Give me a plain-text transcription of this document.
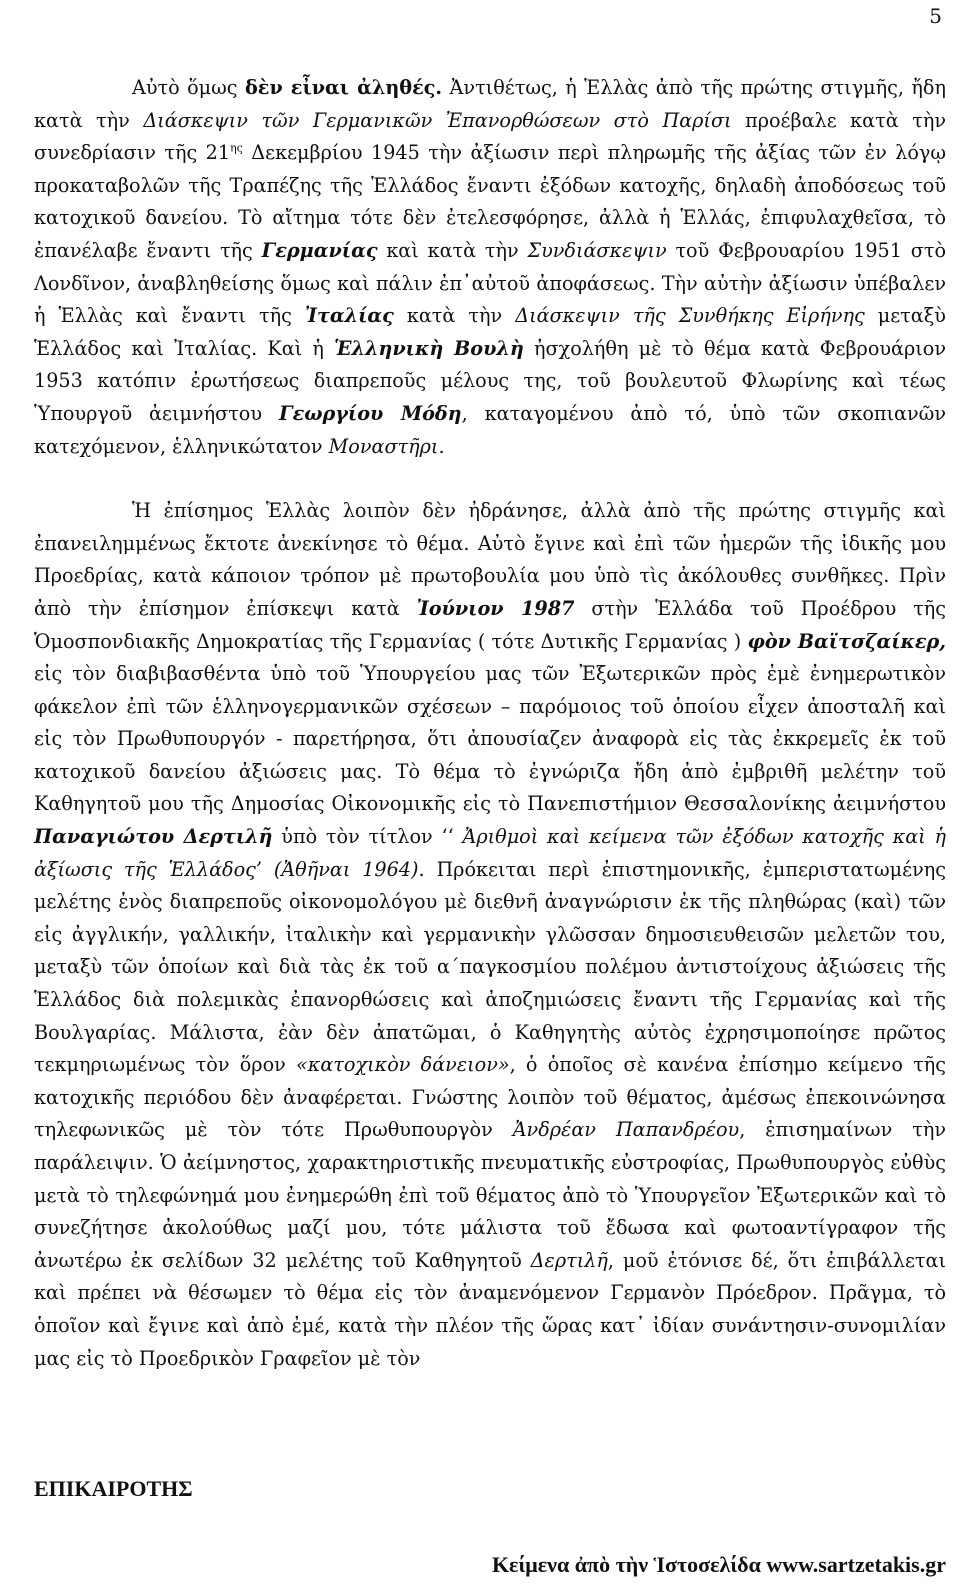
5

Αὐτὸ ὅμως δὲν εἶναι ἀληθές. Ἀντιθέτως, ἡ Ἑλλὰς ἀπὸ τῆς πρώτης στιγμῆς, ἤδη κατὰ τὴν Διάσκεψιν τῶν Γερμανικῶν Ἐπανορθώσεων στὸ Παρίσι προέβαλε κατὰ τὴν συνεδρίασιν τῆς $21^{\eta\varsigma}$ Δεκεμβρίου 1945 τὴν ἀξίωσιν περὶ πληρωμῆς τῆς ἀξίας τῶν ἐν λόγῳ προκαταβολῶν τῆς Τραπέζης τῆς Ἑλλάδος ἔναντι ἐξόδων κατοχῆς, δηλαδὴ ἀποδόσεως τοῦ κατοχικοῦ δανείου. Τὸ αἴτημα τότε δὲν ἐτελεσφόρησε, ἀλλὰ ἡ Ἑλλάς, ἐπιφυλαχθεῖσα, τὸ ἐπανέλαβε ἔναντι τῆς Γερμανίας καὶ κατὰ τὴν Συνδιάσκεψιν τοῦ Φεβρουαρίου 1951 στὸ Λονδῖνον, ἀναβληθείσης ὅμως καὶ πάλιν ἐπ᾽αὐτοῦ ἀποφάσεως. Τὴν αὐτὴν ἀξίωσιν ὑπέβαλεν ἡ Ἑλλὰς καὶ ἔναντι τῆς Ἰταλίας κατὰ τὴν Διάσκεψιν τῆς Συνθήκης Εἰρήνης μεταξὺ Ἑλλάδος καὶ Ἰταλίας. Καὶ ἡ Ἑλληνικὴ Βουλὴ ἠσχολήθη μὲ τὸ θέμα κατὰ Φεβρουάριον 1953 κατόπιν ἐρωτήσεως διαπρεποῦς μέλους της, τοῦ βουλευτοῦ Φλωρίνης καὶ τέως Ὑπουργοῦ ἀειμνήστου Γεωργίου Μόδη, καταγομένου ἀπὸ τό, ὑπὸ τῶν σκοπιανῶν κατεχόμενον, ἑλληνικώτατον Μοναστῆρι.

Ἡ ἐπίσημος Ἑλλὰς λοιπὸν δὲν ἠδράνησε, ἀλλὰ ἀπὸ τῆς πρώτης στιγμῆς καὶ ἐπανειλημμένως ἔκτοτε ἀνεκίνησε τὸ θέμα. Αὐτὸ ἔγινε καὶ ἐπὶ τῶν ἡμερῶν τῆς ἰδικῆς μου Προεδρίας, κατὰ κάποιον τρόπον μὲ πρωτοβουλία μου ὑπὸ τὶς ἀκόλουθες συνθῆκες. Πρὶν ἀπὸ τὴν ἐπίσημον ἐπίσκεψι κατὰ Ἰούνιον 1987 στὴν Ἑλλάδα τοῦ Προέδρου τῆς Ὁμοσπονδιακῆς Δημοκρατίας τῆς Γερμανίας ( τότε Δυτικῆς Γερμανίας ) φὸν Βαϊτσζαίκερ, εἰς τὸν διαβιβασθέντα ὑπὸ τοῦ Ὑπουργείου μας τῶν Ἐξωτερικῶν πρὸς ἐμὲ ἐνημερωτικὸν φάκελον ἐπὶ τῶν ἑλληνογερμανικῶν σχέσεων – παρόμοιος τοῦ ὁποίου εἶχεν ἀποσταλῆ καὶ εἰς τὸν Πρωθυπουργόν - παρετήρησα, ὅτι ἀπουσίαζεν ἀναφορὰ εἰς τὰς ἐκκρεμεῖς ἐκ τοῦ κατοχικοῦ δανείου ἀξιώσεις μας. Τὸ θέμα τὸ ἐγνώριζα ἤδη ἀπὸ ἐμβριθῆ μελέτην τοῦ Καθηγητοῦ μου τῆς Δημοσίας Οἰκονομικῆς εἰς τὸ Πανεπιστήμιον Θεσσαλονίκης ἀειμνήστου Παναγιώτου Δερτιλῆ ὑπὸ τὸν τίτλον ‘‘ Ἀριθμοὶ καὶ κείμενα τῶν ἐξόδων κατοχῆς καὶ ἡ ἀξίωσις τῆς Ἑλλάδος’ (Ἀθῆναι 1964). Πρόκειται περὶ ἐπιστημονικῆς, ἐμπεριστατωμένης μελέτης ἑνὸς διαπρεποῦς οἰκονομολόγου μὲ διεθνῆ ἀναγνώρισιν ἐκ τῆς πληθώρας (καὶ) τῶν εἰς ἀγγλικήν, γαλλικήν, ἰταλικὴν καὶ γερμανικὴν γλῶσσαν δημοσιευθεισῶν μελετῶν του, μεταξὺ τῶν ὁποίων καὶ διὰ τὰς ἐκ τοῦ α΄παγκοσμίου πολέμου ἀντιστοίχους ἀξιώσεις τῆς Ἑλλάδος διὰ πολεμικὰς ἐπανορθώσεις καὶ ἀποζημιώσεις ἔναντι τῆς Γερμανίας καὶ τῆς Βουλγαρίας. Μάλιστα, ἐὰν δὲν ἀπατῶμαι, ὁ Καθηγητὴς αὐτὸς ἐχρησιμοποίησε πρῶτος τεκμηριωμένως τὸν ὅρον «κατοχικὸν δάνειον», ὁ ὁποῖος σὲ κανένα ἐπίσημο κείμενο τῆς κατοχικῆς περιόδου δὲν ἀναφέρεται. Γνώστης λοιπὸν τοῦ θέματος, ἀμέσως ἐπεκοινώνησα τηλεφωνικῶς μὲ τὸν τότε Πρωθυπουργὸν Ἀνδρέαν Παπανδρέου, ἐπισημαίνων τὴν παράλειψιν. Ὁ ἀείμνηστος, χαρακτηριστικῆς πνευματικῆς εὐστροφίας, Πρωθυπουργὸς εὐθὺς μετὰ τὸ τηλεφώνημά μου ἐνημερώθη ἐπὶ τοῦ θέματος ἀπὸ τὸ Ὑπουργεῖον Ἐξωτερικῶν καὶ τὸ συνεζήτησε ἀκολούθως μαζί μου, τότε μάλιστα τοῦ ἔδωσα καὶ φωτοαντίγραφον τῆς ἀνωτέρω ἐκ σελίδων 32 μελέτης τοῦ Καθηγητοῦ Δερτιλῆ, μοῦ ἐτόνισε δέ, ὅτι ἐπιβάλλεται καὶ πρέπει νὰ θέσωμεν τὸ θέμα εἰς τὸν ἀναμενόμενον Γερμανὸν Πρόεδρον. Πρᾶγμα, τὸ ὁποῖον καὶ ἔγινε καὶ ἀπὸ ἐμέ, κατὰ τὴν πλέον τῆς ὥρας κατ᾽ ἰδίαν συνάντησιν-συνομιλίαν μας εἰς τὸ Προεδρικὸν Γραφεῖον μὲ τὸν

ΕΠΙΚΑΙΡΟΤΗΣ
Κείμενα ἀπὸ τὴν Ἱστοσελίδα www.sartzetakis.gr
